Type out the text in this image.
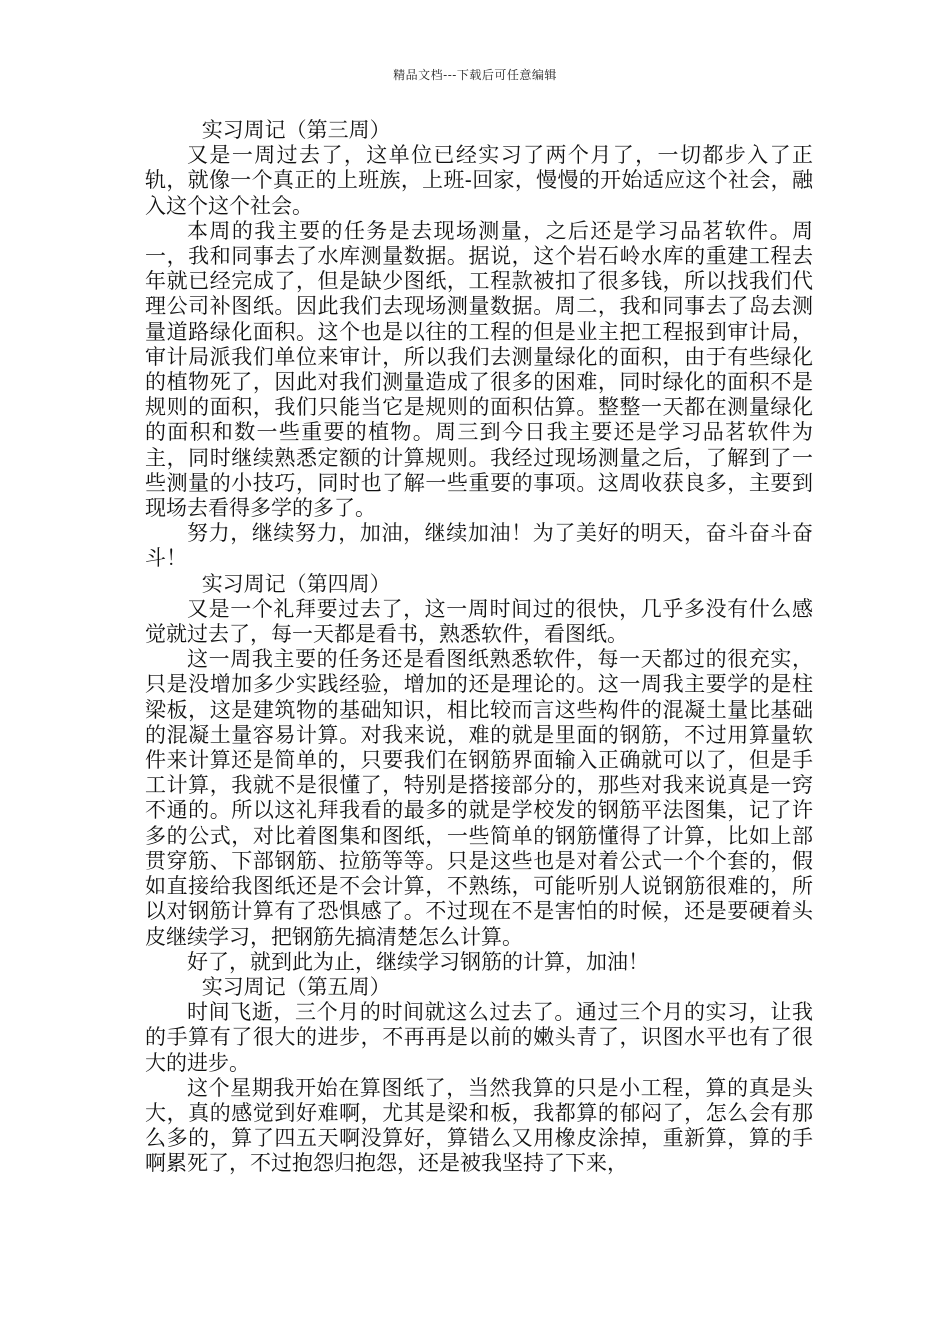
精品文档---下载后可任意编辑
实习周记（第三周）
又是一周过去了，这单位已经实习了两个月了，一切都步入了正轨，就像一个真正的上班族，上班-回家，慢慢的开始适应这个社会，融入这个这个社会。
本周的我主要的任务是去现场测量，之后还是学习品茗软件。周一，我和同事去了水库测量数据。据说，这个岩石岭水库的重建工程去年就已经完成了，但是缺少图纸，工程款被扣了很多钱，所以找我们代理公司补图纸。因此我们去现场测量数据。周二，我和同事去了岛去测量道路绿化面积。这个也是以往的工程的但是业主把工程报到审计局，审计局派我们单位来审计，所以我们去测量绿化的面积，由于有些绿化的植物死了，因此对我们测量造成了很多的困难，同时绿化的面积不是规则的面积，我们只能当它是规则的面积估算。整整一天都在测量绿化的面积和数一些重要的植物。周三到今日我主要还是学习品茗软件为主，同时继续熟悉定额的计算规则。我经过现场测量之后，了解到了一些测量的小技巧，同时也了解一些重要的事项。这周收获良多，主要到现场去看得多学的多了。
努力，继续努力，加油，继续加油！为了美好的明天，奋斗奋斗奋斗！
实习周记（第四周）
又是一个礼拜要过去了，这一周时间过的很快，几乎多没有什么感觉就过去了，每一天都是看书，熟悉软件，看图纸。
这一周我主要的任务还是看图纸熟悉软件，每一天都过的很充实，只是没增加多少实践经验，增加的还是理论的。这一周我主要学的是柱梁板，这是建筑物的基础知识，相比较而言这些构件的混凝土量比基础的混凝土量容易计算。对我来说，难的就是里面的钢筋，不过用算量软件来计算还是简单的，只要我们在钢筋界面输入正确就可以了，但是手工计算，我就不是很懂了，特别是搭接部分的，那些对我来说真是一窍不通的。所以这礼拜我看的最多的就是学校发的钢筋平法图集，记了许多的公式，对比着图集和图纸，一些简单的钢筋懂得了计算，比如上部贯穿筋、下部钢筋、拉筋等等。只是这些也是对着公式一个个套的，假如直接给我图纸还是不会计算，不熟练，可能听别人说钢筋很难的，所以对钢筋计算有了恐惧感了。不过现在不是害怕的时候，还是要硬着头皮继续学习，把钢筋先搞清楚怎么计算。
好了，就到此为止，继续学习钢筋的计算，加油！
实习周记（第五周）
时间飞逝，三个月的时间就这么过去了。通过三个月的实习，让我的手算有了很大的进步，不再再是以前的嫩头青了，识图水平也有了很大的进步。
这个星期我开始在算图纸了，当然我算的只是小工程，算的真是头大，真的感觉到好难啊，尤其是梁和板，我都算的郁闷了，怎么会有那么多的，算了四五天啊没算好，算错么又用橡皮涂掉，重新算，算的手啊累死了，不过抱怨归抱怨，还是被我坚持了下来，
